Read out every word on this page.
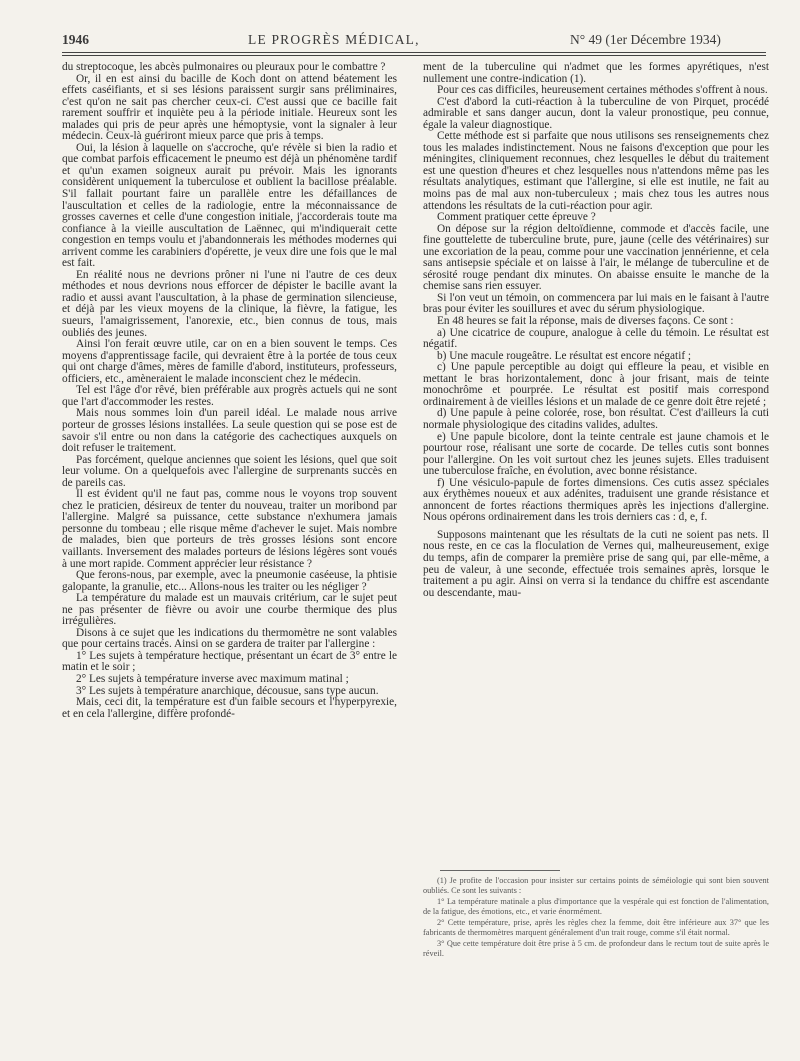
1946	LE PROGRÈS MÉDICAL,	N° 49 (1er Décembre 1934)

du streptocoque, les abcès pulmonaires ou pleuraux pour le combattre ?

Or, il en est ainsi du bacille de Koch dont on attend béatement les effets caséifiants, et si ses lésions paraissent surgir sans préliminaires, c'est qu'on ne sait pas chercher ceux-ci. C'est aussi que ce bacille fait rarement souffrir et inquiète peu à la période initiale. Heureux sont les malades qui pris de peur après une hémoptysie, vont la signaler à leur médecin. Ceux-là guériront mieux parce que pris à temps.

Oui, la lésion à laquelle on s'accroche, qu'e révèle si bien la radio et que combat parfois efficacement le pneumo est déjà un phénomène tardif et qu'un examen soigneux aurait pu prévoir. Mais les ignorants considèrent uniquement la tuberculose et oublient la bacillose préalable. S'il fallait pourtant faire un parallèle entre les défaillances de l'auscultation et celles de la radiologie, entre la méconnaissance de grosses cavernes et celle d'une congestion initiale, j'accorderais toute ma confiance à la vieille auscultation de Laënnec, qui m'indiquerait cette congestion en temps voulu et j'abandonnerais les méthodes modernes qui arrivent comme les carabiniers d'opérette, je veux dire une fois que le mal est fait.

En réalité nous ne devrions prôner ni l'une ni l'autre de ces deux méthodes et nous devrions nous efforcer de dépister le bacille avant la radio et aussi avant l'auscultation, à la phase de germination silencieuse, et déjà par les vieux moyens de la clinique, la fièvre, la fatigue, les sueurs, l'amaigrissement, l'anorexie, etc., bien connus de tous, mais oubliés des jeunes.

Ainsi l'on ferait œuvre utile, car on en a bien souvent le temps. Ces moyens d'apprentissage facile, qui devraient être à la portée de tous ceux qui ont charge d'âmes, mères de famille d'abord, instituteurs, professeurs, officiers, etc., amèneraient le malade inconscient chez le médecin.

Tel est l'âge d'or rêvé, bien préférable aux progrès actuels qui ne sont que l'art d'accommoder les restes.

Mais nous sommes loin d'un pareil idéal. Le malade nous arrive porteur de grosses lésions installées. La seule question qui se pose est de savoir s'il entre ou non dans la catégorie des cachectiques auxquels on doit refuser le traitement.

Pas forcément, quelque anciennes que soient les lésions, quel que soit leur volume. On a quelquefois avec l'allergine de surprenants succès en de pareils cas.

Il est évident qu'il ne faut pas, comme nous le voyons trop souvent chez le praticien, désireux de tenter du nouveau, traiter un moribond par l'allergine. Malgré sa puissance, cette substance n'exhumera jamais personne du tombeau ; elle risque même d'achever le sujet. Mais nombre de malades, bien que porteurs de très grosses lésions sont encore vaillants. Inversement des malades porteurs de lésions légères sont voués à une mort rapide. Comment apprécier leur résistance ?

Que ferons-nous, par exemple, avec la pneumonie caséeuse, la phtisie galopante, la granulie, etc... Allons-nous les traiter ou les négliger ?

La température du malade est un mauvais critérium, car le sujet peut ne pas présenter de fièvre ou avoir une courbe thermique des plus irrégulières.

Disons à ce sujet que les indications du thermomètre ne sont valables que pour certains tracés. Ainsi on se gardera de traiter par l'allergine :

1° Les sujets à température hectique, présentant un écart de 3° entre le matin et le soir ;

2° Les sujets à température inverse avec maximum matinal ;

3° Les sujets à température anarchique, décousue, sans type aucun.

Mais, ceci dit, la température est d'un faible secours et l'hyperpyrexie, et en cela l'allergine, diffère profondé-

ment de la tuberculine qui n'admet que les formes apyrétiques, n'est nullement une contre-indication (1).

Pour ces cas difficiles, heureusement certaines méthodes s'offrent à nous.

C'est d'abord la cuti-réaction à la tuberculine de von Pirquet, procédé admirable et sans danger aucun, dont la valeur pronostique, peu connue, égale la valeur diagnostique.

Cette méthode est si parfaite que nous utilisons ses renseignements chez tous les malades indistinctement. Nous ne faisons d'exception que pour les méningites, cliniquement reconnues, chez lesquelles le début du traitement est une question d'heures et chez lesquelles nous n'attendons même pas les résultats analytiques, estimant que l'allergine, si elle est inutile, ne fait au moins pas de mal aux non-tuberculeux ; mais chez tous les autres nous attendons les résultats de la cuti-réaction pour agir.

Comment pratiquer cette épreuve ?

On dépose sur la région deltoïdienne, commode et d'accès facile, une fine gouttelette de tuberculine brute, pure, jaune (celle des vétérinaires) sur une excoriation de la peau, comme pour une vaccination jennérienne, et cela sans antisepsie spéciale et on laisse à l'air, le mélange de tuberculine et de sérosité rouge pendant dix minutes. On abaisse ensuite le manche de la chemise sans rien essuyer.

Si l'on veut un témoin, on commencera par lui mais en le faisant à l'autre bras pour éviter les souillures et avec du sérum physiologique.

En 48 heures se fait la réponse, mais de diverses façons. Ce sont :

a) Une cicatrice de coupure, analogue à celle du témoin. Le résultat est négatif.

b) Une macule rougeâtre. Le résultat est encore négatif ;

c) Une papule perceptible au doigt qui effleure la peau, et visible en mettant le bras horizontalement, donc à jour frisant, mais de teinte monochrôme et pourprée. Le résultat est positif mais correspond ordinairement à de vieilles lésions et un malade de ce genre doit être rejeté ;

d) Une papule à peine colorée, rose, bon résultat. C'est d'ailleurs la cuti normale physiologique des citadins valides, adultes.

e) Une papule bicolore, dont la teinte centrale est jaune chamois et le pourtour rose, réalisant une sorte de cocarde. De telles cutis sont bonnes pour l'allergine. On les voit surtout chez les jeunes sujets. Elles traduisent une tuberculose fraîche, en évolution, avec bonne résistance.

f) Une vésiculo-papule de fortes dimensions. Ces cutis assez spéciales aux érythèmes noueux et aux adénites, traduisent une grande résistance et annoncent de fortes réactions thermiques après les injections d'allergine. Nous opérons ordinairement dans les trois derniers cas : d, e, f.

Supposons maintenant que les résultats de la cuti ne soient pas nets. Il nous reste, en ce cas la floculation de Vernes qui, malheureusement, exige du temps, afin de comparer la première prise de sang qui, par elle-même, a peu de valeur, à une seconde, effectuée trois semaines après, lorsque le traitement a pu agir. Ainsi on verra si la tendance du chiffre est ascendante ou descendante, mau-

(1) Je profite de l'occasion pour insister sur certains points de séméiologie qui sont bien souvent oubliés. Ce sont les suivants :

1° La température matinale a plus d'importance que la vespérale qui est fonction de l'alimentation, de la fatigue, des émotions, etc., et varie énormément.

2° Cette température, prise, après les règles chez la femme, doit être inférieure aux 37° que les fabricants de thermomètres marquent généralement d'un trait rouge, comme s'il était normal.

3° Que cette température doit être prise à 5 cm. de profondeur dans le rectum tout de suite après le réveil.
